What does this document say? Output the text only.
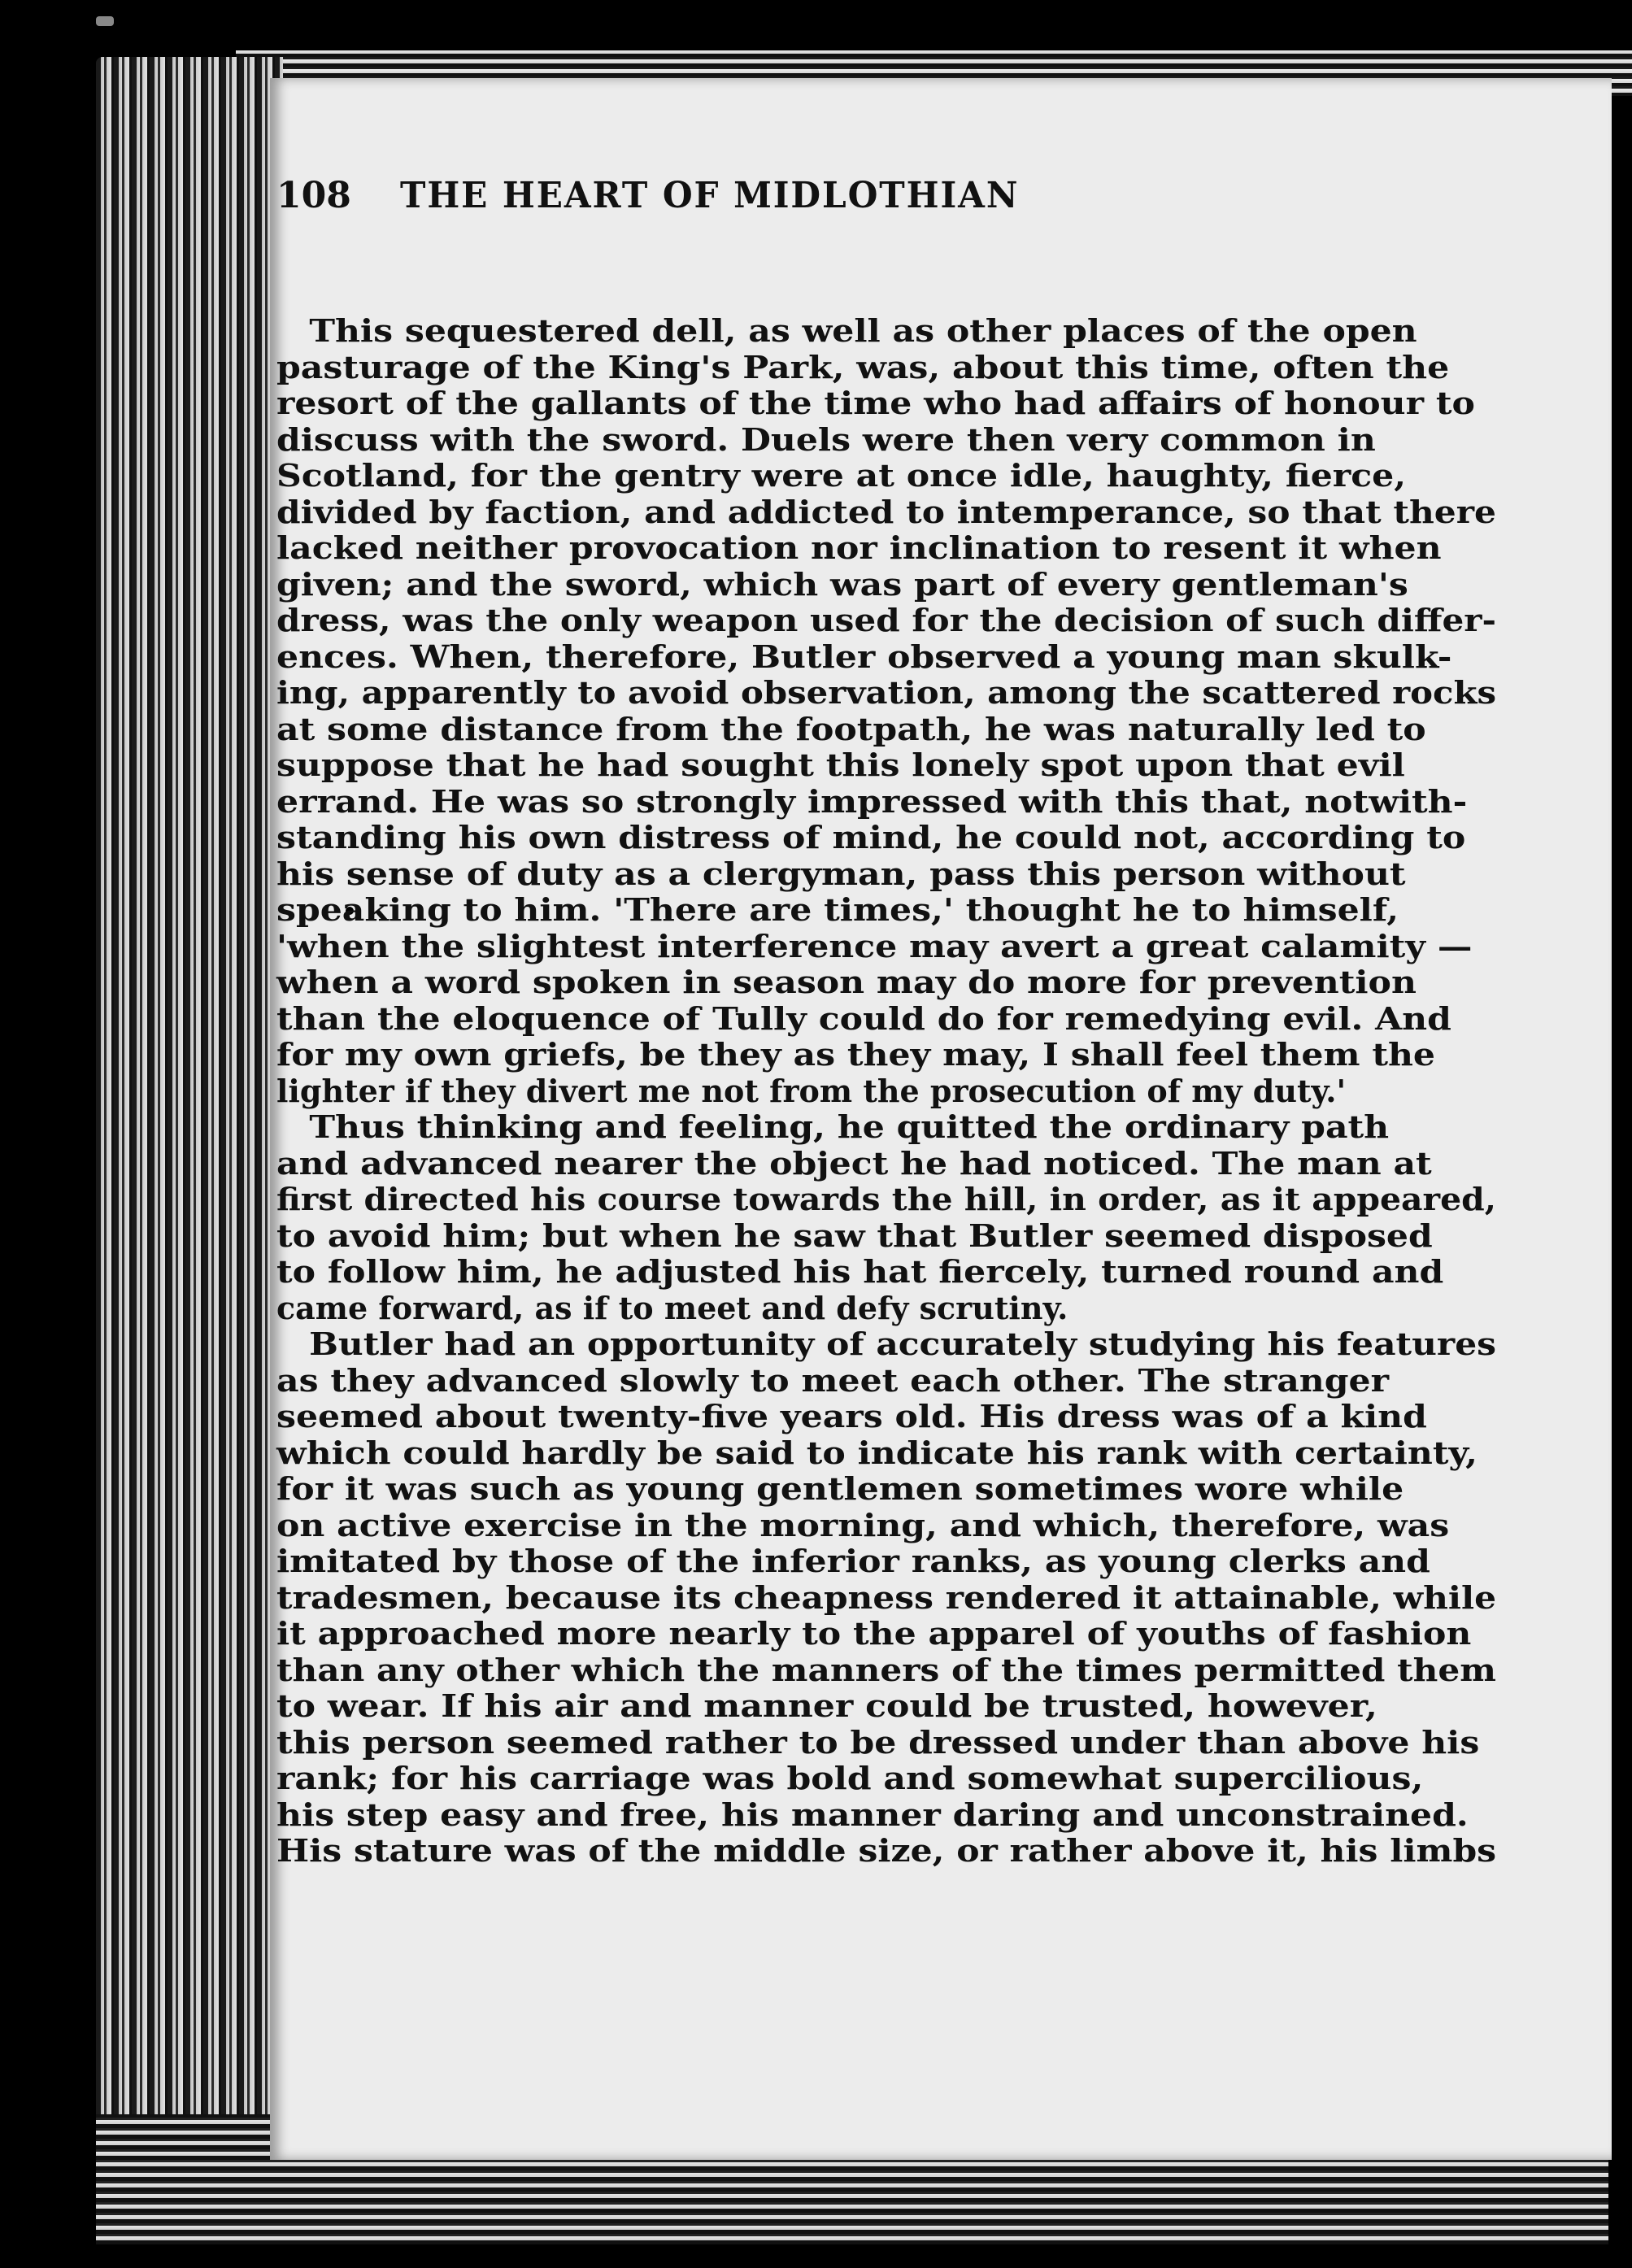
108 THE HEART OF MIDLOTHIAN
This sequestered dell, as well as other places of the open
pasturage of the King's Park, was, about this time, often the
resort of the gallants of the time who had affairs of honour to
discuss with the sword. Duels were then very common in
Scotland, for the gentry were at once idle, haughty, fierce,
divided by faction, and addicted to intemperance, so that there
lacked neither provocation nor inclination to resent it when
given; and the sword, which was part of every gentleman's
dress, was the only weapon used for the decision of such differ-
ences. When, therefore, Butler observed a young man skulk-
ing, apparently to avoid observation, among the scattered rocks
at some distance from the footpath, he was naturally led to
suppose that he had sought this lonely spot upon that evil
errand. He was so strongly impressed with this that, notwith-
standing his own distress of mind, he could not, according to
his sense of duty as a clergyman, pass this person without
speaking to him. 'There are times,' thought he to himself,
'when the slightest interference may avert a great calamity —
when a word spoken in season may do more for prevention
than the eloquence of Tully could do for remedying evil. And
for my own griefs, be they as they may, I shall feel them the
lighter if they divert me not from the prosecution of my duty.'
Thus thinking and feeling, he quitted the ordinary path
and advanced nearer the object he had noticed. The man at
first directed his course towards the hill, in order, as it appeared,
to avoid him; but when he saw that Butler seemed disposed
to follow him, he adjusted his hat fiercely, turned round and
came forward, as if to meet and defy scrutiny.
Butler had an opportunity of accurately studying his features
as they advanced slowly to meet each other. The stranger
seemed about twenty-five years old. His dress was of a kind
which could hardly be said to indicate his rank with certainty,
for it was such as young gentlemen sometimes wore while
on active exercise in the morning, and which, therefore, was
imitated by those of the inferior ranks, as young clerks and
tradesmen, because its cheapness rendered it attainable, while
it approached more nearly to the apparel of youths of fashion
than any other which the manners of the times permitted them
to wear. If his air and manner could be trusted, however,
this person seemed rather to be dressed under than above his
rank; for his carriage was bold and somewhat supercilious,
his step easy and free, his manner daring and unconstrained.
His stature was of the middle size, or rather above it, his limbs
